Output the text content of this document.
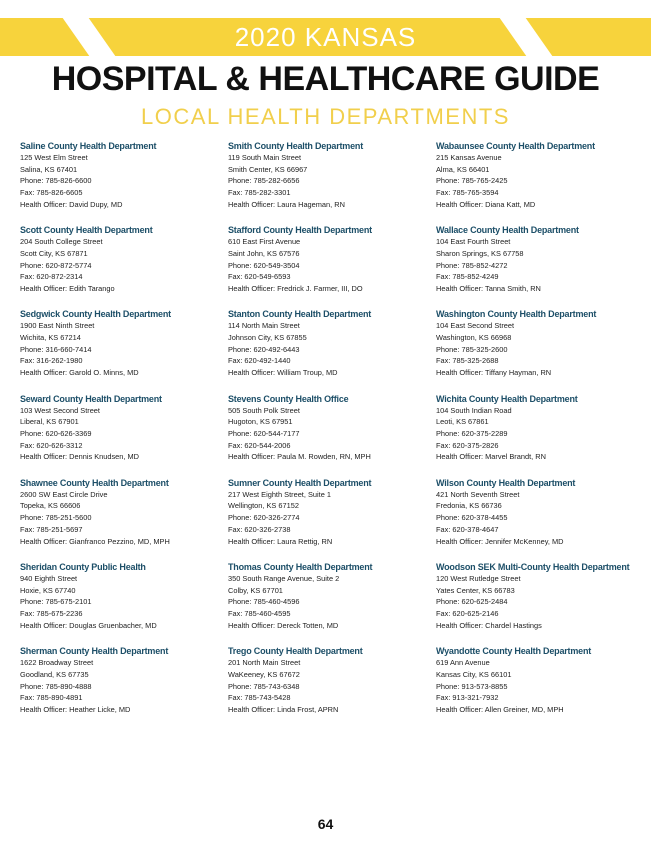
2020 KANSAS
HOSPITAL & HEALTHCARE GUIDE
LOCAL HEALTH DEPARTMENTS
Saline County Health Department
125 West Elm Street
Salina, KS 67401
Phone: 785-826-6600
Fax: 785-826-6605
Health Officer: David Dupy, MD
Scott County Health Department
204 South College Street
Scott City, KS 67871
Phone: 620-872-5774
Fax: 620-872-2314
Health Officer: Edith Tarango
Sedgwick County Health Department
1900 East Ninth Street
Wichita, KS 67214
Phone: 316-660-7414
Fax: 316-262-1980
Health Officer: Garold O. Minns, MD
Seward County Health Department
103 West Second Street
Liberal, KS 67901
Phone: 620-626-3369
Fax: 620-626-3312
Health Officer: Dennis Knudsen, MD
Shawnee County Health Department
2600 SW East Circle Drive
Topeka, KS 66606
Phone: 785-251-5600
Fax: 785-251-5697
Health Officer: Gianfranco Pezzino, MD, MPH
Sheridan County Public Health
940 Eighth Street
Hoxie, KS 67740
Phone: 785-675-2101
Fax: 785-675-2236
Health Officer: Douglas Gruenbacher, MD
Sherman County Health Department
1622 Broadway Street
Goodland, KS 67735
Phone: 785-890-4888
Fax: 785-890-4891
Health Officer: Heather Licke, MD
Smith County Health Department
119 South Main Street
Smith Center, KS 66967
Phone: 785-282-6656
Fax: 785-282-3301
Health Officer: Laura Hageman, RN
Stafford County Health Department
610 East First Avenue
Saint John, KS 67576
Phone: 620-549-3504
Fax: 620-549-6593
Health Officer: Fredrick J. Farmer, III, DO
Stanton County Health Department
114 North Main Street
Johnson City, KS 67855
Phone: 620-492-6443
Fax: 620-492-1440
Health Officer: William Troup, MD
Stevens County Health Office
505 South Polk Street
Hugoton, KS 67951
Phone: 620-544-7177
Fax: 620-544-2006
Health Officer: Paula M. Rowden, RN, MPH
Sumner County Health Department
217 West Eighth Street, Suite 1
Wellington, KS 67152
Phone: 620-326-2774
Fax: 620-326-2738
Health Officer: Laura Rettig, RN
Thomas County Health Department
350 South Range Avenue, Suite 2
Colby, KS 67701
Phone: 785-460-4596
Fax: 785-460-4595
Health Officer: Dereck Totten, MD
Trego County Health Department
201 North Main Street
WaKeeney, KS 67672
Phone: 785-743-6348
Fax: 785-743-5428
Health Officer: Linda Frost, APRN
Wabaunsee County Health Department
215 Kansas Avenue
Alma, KS 66401
Phone: 785-765-2425
Fax: 785-765-3594
Health Officer: Diana Katt, MD
Wallace County Health Department
104 East Fourth Street
Sharon Springs, KS 67758
Phone: 785-852-4272
Fax: 785-852-4249
Health Officer: Tanna Smith, RN
Washington County Health Department
104 East Second Street
Washington, KS 66968
Phone: 785-325-2600
Fax: 785-325-2688
Health Officer: Tiffany Hayman, RN
Wichita County Health Department
104 South Indian Road
Leoti, KS 67861
Phone: 620-375-2289
Fax: 620-375-2826
Health Officer: Marvel Brandt, RN
Wilson County Health Department
421 North Seventh Street
Fredonia, KS 66736
Phone: 620-378-4455
Fax: 620-378-4647
Health Officer: Jennifer McKenney, MD
Woodson SEK Multi-County Health Department
120 West Rutledge Street
Yates Center, KS 66783
Phone: 620-625-2484
Fax: 620-625-2146
Health Officer: Chardel Hastings
Wyandotte County Health Department
619 Ann Avenue
Kansas City, KS 66101
Phone: 913-573-8855
Fax: 913-321-7932
Health Officer: Allen Greiner, MD, MPH
64
